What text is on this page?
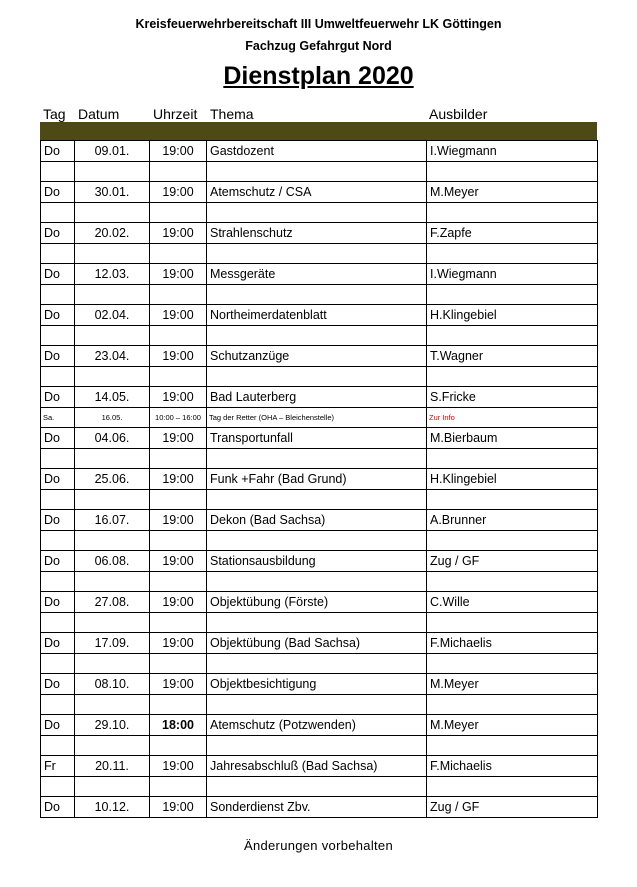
Kreisfeuerwehrbereitschaft III Umweltfeuerwehr LK Göttingen
Fachzug Gefahrgut Nord
Dienstplan 2020
Tag Datum Uhrzeit Thema	Ausbilder
Do	09.01.	19:00	Gastdozent	I.Wiegmann

Do	30.01.	19:00	Atemschutz / CSA	M.Meyer

Do	20.02.	19:00	Strahlenschutz	F.Zapfe

Do	12.03.	19:00	Messgeräte	I.Wiegmann

Do	02.04.	19:00	Northeimerdatenblatt	H.Klingebiel

Do	23.04.	19:00	Schutzanzüge	T.Wagner

Do	14.05.	19:00	Bad Lauterberg	S.Fricke
Sa.	16.05.	10:00 – 16:00	Tag der Retter (OHA – Bleichenstelle)	Zur Info
Do	04.06.	19:00	Transportunfall	M.Bierbaum

Do	25.06.	19:00	Funk +Fahr (Bad Grund)	H.Klingebiel

Do	16.07.	19:00	Dekon (Bad Sachsa)	A.Brunner

Do	06.08.	19:00	Stationsausbildung	Zug / GF

Do	27.08.	19:00	Objektübung (Förste)	C.Wille

Do	17.09.	19:00	Objektübung (Bad Sachsa)	F.Michaelis

Do	08.10.	19:00	Objektbesichtigung	M.Meyer

Do	29.10.	18:00	Atemschutz (Potzwenden)	M.Meyer

Fr	20.11.	19:00	Jahresabschluß (Bad Sachsa)	F.Michaelis

Do	10.12.	19:00	Sonderdienst Zbv.	Zug / GF
Änderungen vorbehalten
